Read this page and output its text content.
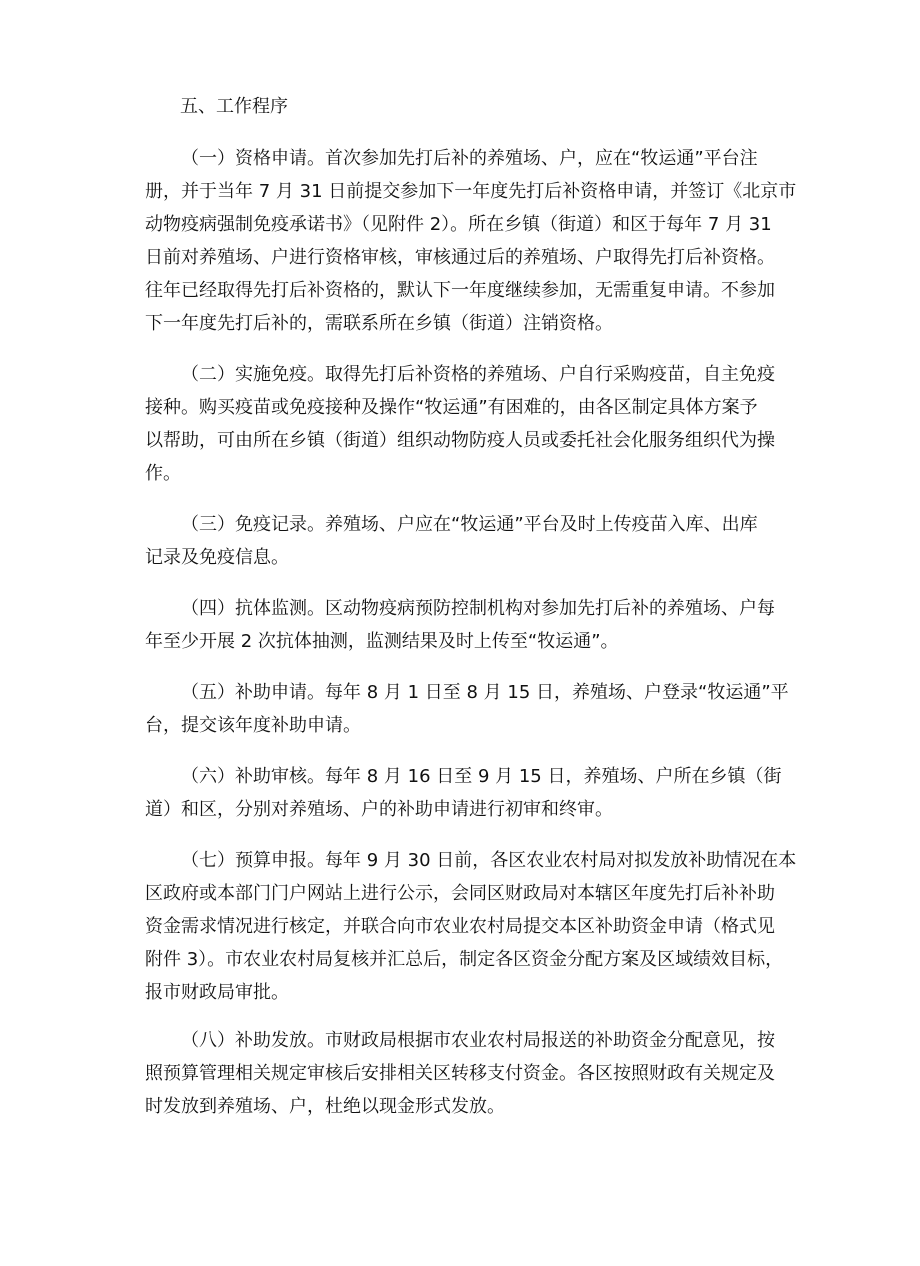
五、工作程序
（一）资格申请。首次参加先打后补的养殖场、户，应在“牧运通”平台注
册，并于当年 7 月 31 日前提交参加下一年度先打后补资格申请，并签订《北京市
动物疫病强制免疫承诺书》（见附件 2）。所在乡镇（街道）和区于每年 7 月 31
日前对养殖场、户进行资格审核，审核通过后的养殖场、户取得先打后补资格。
往年已经取得先打后补资格的，默认下一年度继续参加，无需重复申请。不参加
下一年度先打后补的，需联系所在乡镇（街道）注销资格。
（二）实施免疫。取得先打后补资格的养殖场、户自行采购疫苗，自主免疫
接种。购买疫苗或免疫接种及操作“牧运通”有困难的，由各区制定具体方案予
以帮助，可由所在乡镇（街道）组织动物防疫人员或委托社会化服务组织代为操
作。
（三）免疫记录。养殖场、户应在“牧运通”平台及时上传疫苗入库、出库
记录及免疫信息。
（四）抗体监测。区动物疫病预防控制机构对参加先打后补的养殖场、户每
年至少开展 2 次抗体抽测，监测结果及时上传至“牧运通”。
（五）补助申请。每年 8 月 1 日至 8 月 15 日，养殖场、户登录“牧运通”平
台，提交该年度补助申请。
（六）补助审核。每年 8 月 16 日至 9 月 15 日，养殖场、户所在乡镇（街
道）和区，分别对养殖场、户的补助申请进行初审和终审。
（七）预算申报。每年 9 月 30 日前，各区农业农村局对拟发放补助情况在本
区政府或本部门门户网站上进行公示，会同区财政局对本辖区年度先打后补补助
资金需求情况进行核定，并联合向市农业农村局提交本区补助资金申请（格式见
附件 3）。市农业农村局复核并汇总后，制定各区资金分配方案及区域绩效目标，
报市财政局审批。
（八）补助发放。市财政局根据市农业农村局报送的补助资金分配意见，按
照预算管理相关规定审核后安排相关区转移支付资金。各区按照财政有关规定及
时发放到养殖场、户，杜绝以现金形式发放。
